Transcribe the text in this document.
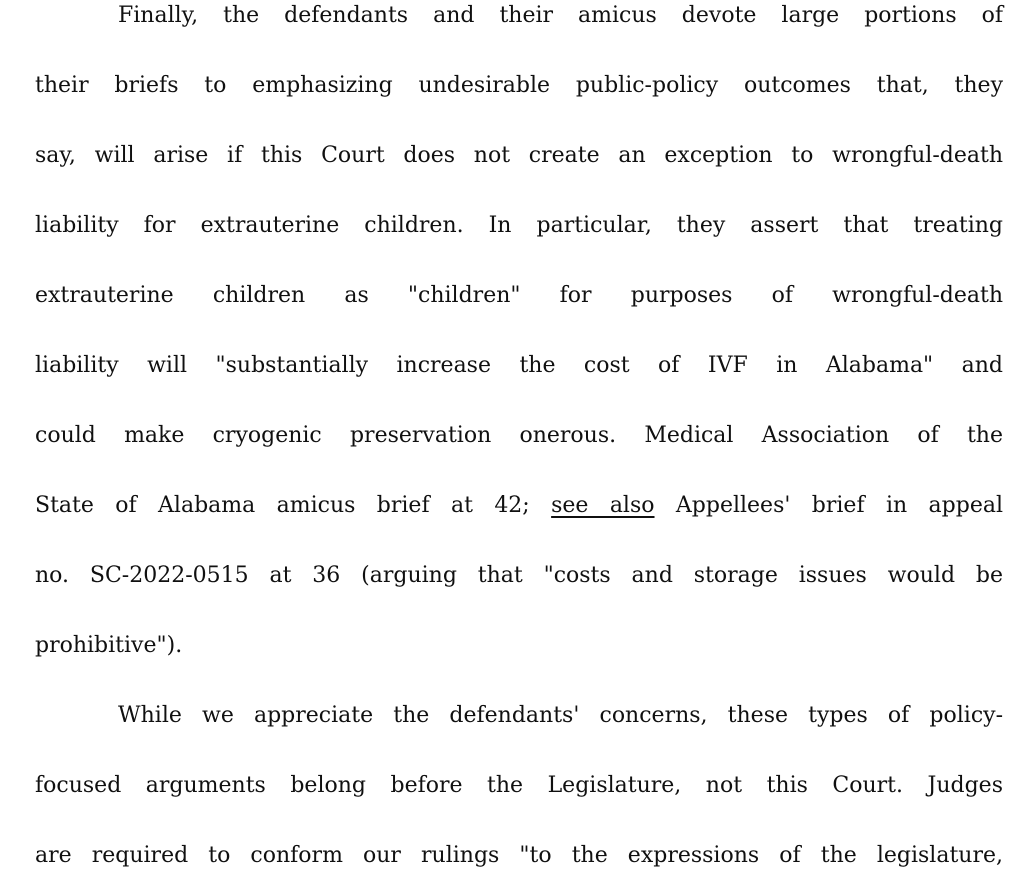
Finally, the defendants and their amicus devote large portions of
their briefs to emphasizing undesirable public-policy outcomes that, they
say, will arise if this Court does not create an exception to wrongful-death
liability for extrauterine children. In particular, they assert that treating
extrauterine children as "children" for purposes of wrongful-death
liability will "substantially increase the cost of IVF in Alabama" and
could make cryogenic preservation onerous. Medical Association of the
State of Alabama amicus brief at 42; see also Appellees' brief in appeal
no. SC-2022-0515 at 36 (arguing that "costs and storage issues would be
prohibitive").
While we appreciate the defendants' concerns, these types of policy-
focused arguments belong before the Legislature, not this Court. Judges
are required to conform our rulings "to the expressions of the legislature,
